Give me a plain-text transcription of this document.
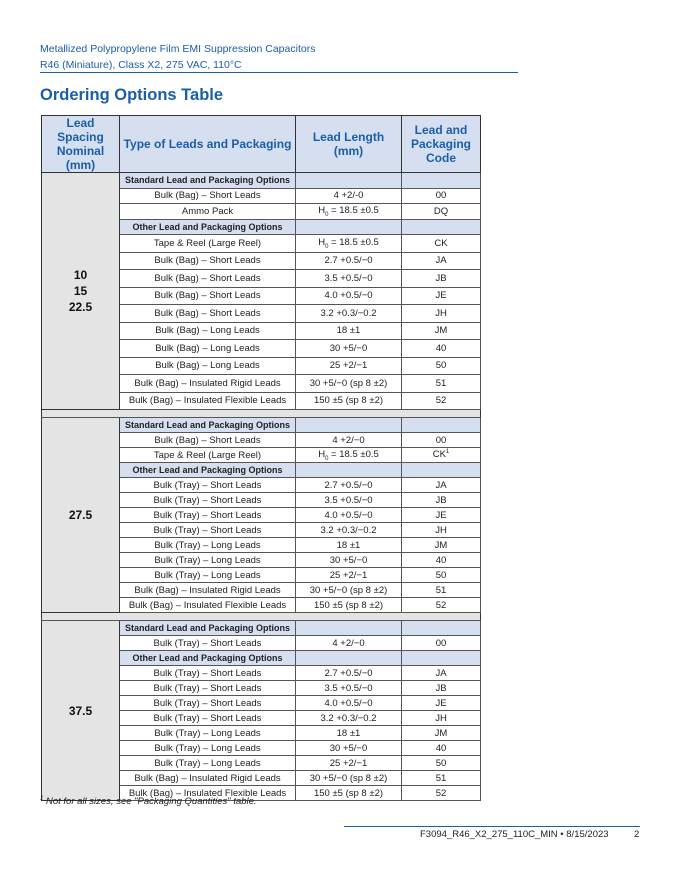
Metallized Polypropylene Film EMI Suppression Capacitors
R46 (Miniature), Class X2, 275 VAC, 110°C
Ordering Options Table
Lead Spacing Nominal (mm)	Type of Leads and Packaging	Lead Length (mm)	Lead and Packaging Code

10
15
22.5	Standard Lead and Packaging Options		
	Bulk (Bag) – Short Leads	4 +2/-0	00
	Ammo Pack	$H_0 = 18.5 \pm 0.5$	DQ
	Other Lead and Packaging Options		
	Tape & Reel (Large Reel)	$H_0 = 18.5 \pm 0.5$	CK
	Bulk (Bag) – Short Leads	2.7 +0.5/−0	JA
	Bulk (Bag) – Short Leads	3.5 +0.5/−0	JB
	Bulk (Bag) – Short Leads	4.0 +0.5/−0	JE
	Bulk (Bag) – Short Leads	3.2 +0.3/−0.2	JH
	Bulk (Bag) – Long Leads	18 ±1	JM
	Bulk (Bag) – Long Leads	30 +5/−0	40
	Bulk (Bag) – Long Leads	25 +2/−1	50
	Bulk (Bag) – Insulated Rigid Leads	30 +5/−0 (sp 8 ±2)	51
	Bulk (Bag) – Insulated Flexible Leads	150 ±5 (sp 8 ±2)	52

27.5	Standard Lead and Packaging Options		
	Bulk (Bag) – Short Leads	4 +2/−0	00
	Tape & Reel (Large Reel)	$H_0 = 18.5 \pm 0.5$	$CK^1$
	Other Lead and Packaging Options		
	Bulk (Tray) – Short Leads	2.7 +0.5/−0	JA
	Bulk (Tray) – Short Leads	3.5 +0.5/−0	JB
	Bulk (Tray) – Short Leads	4.0 +0.5/−0	JE
	Bulk (Tray) – Short Leads	3.2 +0.3/−0.2	JH
	Bulk (Tray) – Long Leads	18 ±1	JM
	Bulk (Tray) – Long Leads	30 +5/−0	40
	Bulk (Tray) – Long Leads	25 +2/−1	50
	Bulk (Bag) – Insulated Rigid Leads	30 +5/−0 (sp 8 ±2)	51
	Bulk (Bag) – Insulated Flexible Leads	150 ±5 (sp 8 ±2)	52

37.5	Standard Lead and Packaging Options		
	Bulk (Tray) – Short Leads	4 +2/−0	00
	Other Lead and Packaging Options		
	Bulk (Tray) – Short Leads	2.7 +0.5/−0	JA
	Bulk (Tray) – Short Leads	3.5 +0.5/−0	JB
	Bulk (Tray) – Short Leads	4.0 +0.5/−0	JE
	Bulk (Tray) – Short Leads	3.2 +0.3/−0.2	JH
	Bulk (Tray) – Long Leads	18 ±1	JM
	Bulk (Tray) – Long Leads	30 +5/−0	40
	Bulk (Tray) – Long Leads	25 +2/−1	50
	Bulk (Bag) – Insulated Rigid Leads	30 +5/−0 (sp 8 ±2)	51
	Bulk (Bag) – Insulated Flexible Leads	150 ±5 (sp 8 ±2)	52
$^1$ Not for all sizes, see "Packaging Quantities" table.
F3094_R46_X2_275_110C_MIN • 8/15/2023	2
